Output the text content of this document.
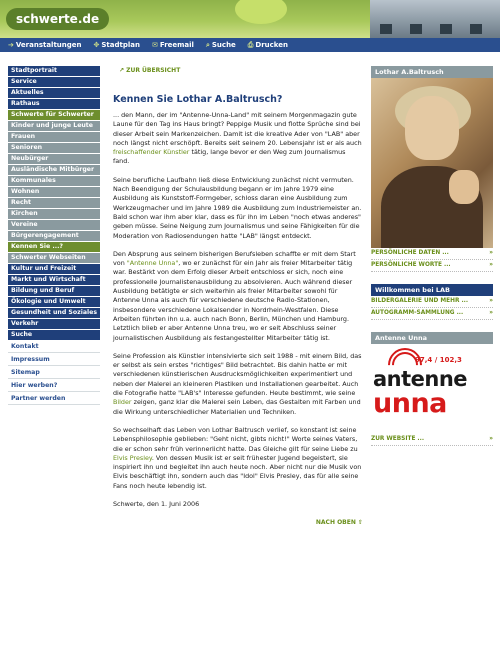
schwerte.de
➔ Veranstaltungen ✥ Stadtplan ✉ Freemail ⌕ Suche ⎙ Drucken
Stadtportrait
Service
Aktuelles
Rathaus
Schwerte für Schwerter
Kinder und junge Leute
Frauen
Senioren
Neubürger
Ausländische Mitbürger
Kommunales
Wohnen
Recht
Kirchen
Vereine
Bürgerengagement
Kennen Sie ...?
Schwerter Webseiten
Kultur und Freizeit
Markt und Wirtschaft
Bildung und Beruf
Ökologie und Umwelt
Gesundheit und Soziales
Verkehr
Suche
Kontakt
Impressum
Sitemap
Hier werben?
Partner werden
↗ ZUR ÜBERSICHT
Kennen Sie Lothar A.Baltrusch?

... den Mann, der im "Antenne-Unna-Land" mit seinem Morgenmagazin gute Laune für den Tag ins Haus bringt? Peppige Musik und flotte Sprüche sind bei dieser Arbeit sein Markenzeichen. Damit ist die kreative Ader von "LAB" aber noch längst nicht erschöpft. Bereits seit seinem 20. Lebensjahr ist er als auch freischaffender Künstler tätig, lange bevor er den Weg zum Journalismus fand.

Seine berufliche Laufbahn ließ diese Entwicklung zunächst nicht vermuten. Nach Beendigung der Schulausbildung begann er im Jahre 1979 eine Ausbildung als Kunststoff-Formgeber, schloss daran eine Ausbildung zum Werkzeugmacher und im Jahre 1989 die Ausbildung zum Industriemeister an. Bald schon war ihm aber klar, dass es für ihn im Leben "noch etwas anderes" geben müsse. Seine Neigung zum Journalismus und seine Fähigkeiten für die Moderation von Radiosendungen hatte "LAB" längst entdeckt.

Den Absprung aus seinem bisherigen Berufsleben schaffte er mit dem Start von "Antenne Unna", wo er zunächst für ein Jahr als freier Mitarbeiter tätig war. Bestärkt von dem Erfolg dieser Arbeit entschloss er sich, noch eine professionelle Journalistenausbildung zu absolvieren. Auch während dieser Ausbildung betätigte er sich weiterhin als freier Mitarbeiter sowohl für Antenne Unna als auch für verschiedene deutsche Radio-Stationen, insbesondere verschiedene Lokalsender in Nordrhein-Westfalen. Diese Arbeiten führten ihn u.a. auch nach Bonn, Berlin, München und Hamburg. Letztlich blieb er aber Antenne Unna treu, wo er seit Abschluss seiner journalistischen Ausbildung als festangestellter Mitarbeiter tätig ist.

Seine Profession als Künstler intensivierte sich seit 1988 - mit einem Bild, das er selbst als sein erstes "richtiges" Bild betrachtet. Bis dahin hatte er mit verschiedenen künstlerischen Ausdrucksmöglichkeiten experimentiert und neben der Malerei an kleineren Plastiken und Installationen gearbeitet. Auch die Fotografie hatte "LAB's" Interesse gefunden. Heute bestimmt, wie seine Bilder zeigen, ganz klar die Malerei sein Leben, das Gestalten mit Farben und die Wirkung unterschiedlicher Materialien und Techniken.

So wechselhaft das Leben von Lothar Baltrusch verlief, so konstant ist seine Lebensphilosophie geblieben: "Geht nicht, gibts nicht!" Worte seines Vaters, die er schon sehr früh verinnerlicht hatte. Das Gleiche gilt für seine Liebe zu Elvis Presley. Von dessen Musik ist er seit frühester Jugend begeistert, sie inspiriert ihn und begleitet ihn auch heute noch. Aber nicht nur die Musik von Elvis beschäftigt ihn, sondern auch das "Idol" Elvis Presley, das für alle seine Fans noch heute lebendig ist.

Schwerte, den 1. Juni 2006

NACH OBEN ⇧
Lothar A.Baltrusch
PERSÖNLICHE DATEN ...	»
PERSÖNLICHE WORTE ...	»
Willkommen bei LAB
BILDERGALERIE UND MEHR ...	»
AUTOGRAMM-SAMMLUNG ...	»
Antenne Unna
97,4 / 102,3
antenne
unna
ZUR WEBSITE ...	»
